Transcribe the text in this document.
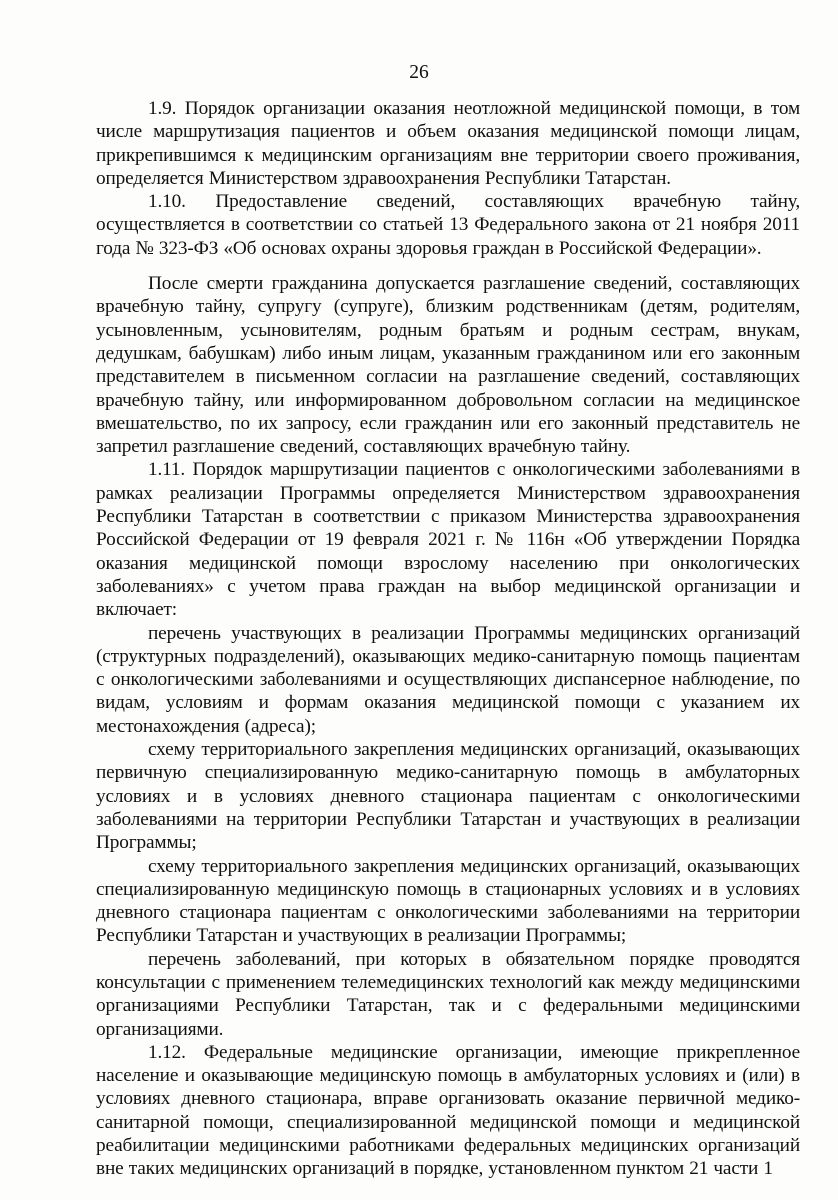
26

1.9. Порядок организации оказания неотложной медицинской помощи, в том числе маршрутизация пациентов и объем оказания медицинской помощи лицам, прикрепившимся к медицинским организациям вне территории своего проживания, определяется Министерством здравоохранения Республики Татарстан.

1.10. Предоставление сведений, составляющих врачебную тайну, осуществляется в соответствии со статьей 13 Федерального закона от 21 ноября 2011 года № 323-ФЗ «Об основах охраны здоровья граждан в Российской Федерации».

После смерти гражданина допускается разглашение сведений, составляющих врачебную тайну, супругу (супруге), близким родственникам (детям, родителям, усыновленным, усыновителям, родным братьям и родным сестрам, внукам, дедушкам, бабушкам) либо иным лицам, указанным гражданином или его законным представителем в письменном согласии на разглашение сведений, составляющих врачебную тайну, или информированном добровольном согласии на медицинское вмешательство, по их запросу, если гражданин или его законный представитель не запретил разглашение сведений, составляющих врачебную тайну.

1.11. Порядок маршрутизации пациентов с онкологическими заболеваниями в рамках реализации Программы определяется Министерством здравоохранения Республики Татарстан в соответствии с приказом Министерства здравоохранения Российской Федерации от 19 февраля 2021 г. № 116н «Об утверждении Порядка оказания медицинской помощи взрослому населению при онкологических заболеваниях» с учетом права граждан на выбор медицинской организации и включает:

перечень участвующих в реализации Программы медицинских организаций (структурных подразделений), оказывающих медико-санитарную помощь пациентам с онкологическими заболеваниями и осуществляющих диспансерное наблюдение, по видам, условиям и формам оказания медицинской помощи с указанием их местонахождения (адреса);

схему территориального закрепления медицинских организаций, оказывающих первичную специализированную медико-санитарную помощь в амбулаторных условиях и в условиях дневного стационара пациентам с онкологическими заболеваниями на территории Республики Татарстан и участвующих в реализации Программы;

схему территориального закрепления медицинских организаций, оказывающих специализированную медицинскую помощь в стационарных условиях и в условиях дневного стационара пациентам с онкологическими заболеваниями на территории Республики Татарстан и участвующих в реализации Программы;

перечень заболеваний, при которых в обязательном порядке проводятся консультации с применением телемедицинских технологий как между медицинскими организациями Республики Татарстан, так и с федеральными медицинскими организациями.

1.12. Федеральные медицинские организации, имеющие прикрепленное население и оказывающие медицинскую помощь в амбулаторных условиях и (или) в условиях дневного стационара, вправе организовать оказание первичной медико-санитарной помощи, специализированной медицинской помощи и медицинской реабилитации медицинскими работниками федеральных медицинских организаций вне таких медицинских организаций в порядке, установленном пунктом 21 части 1
